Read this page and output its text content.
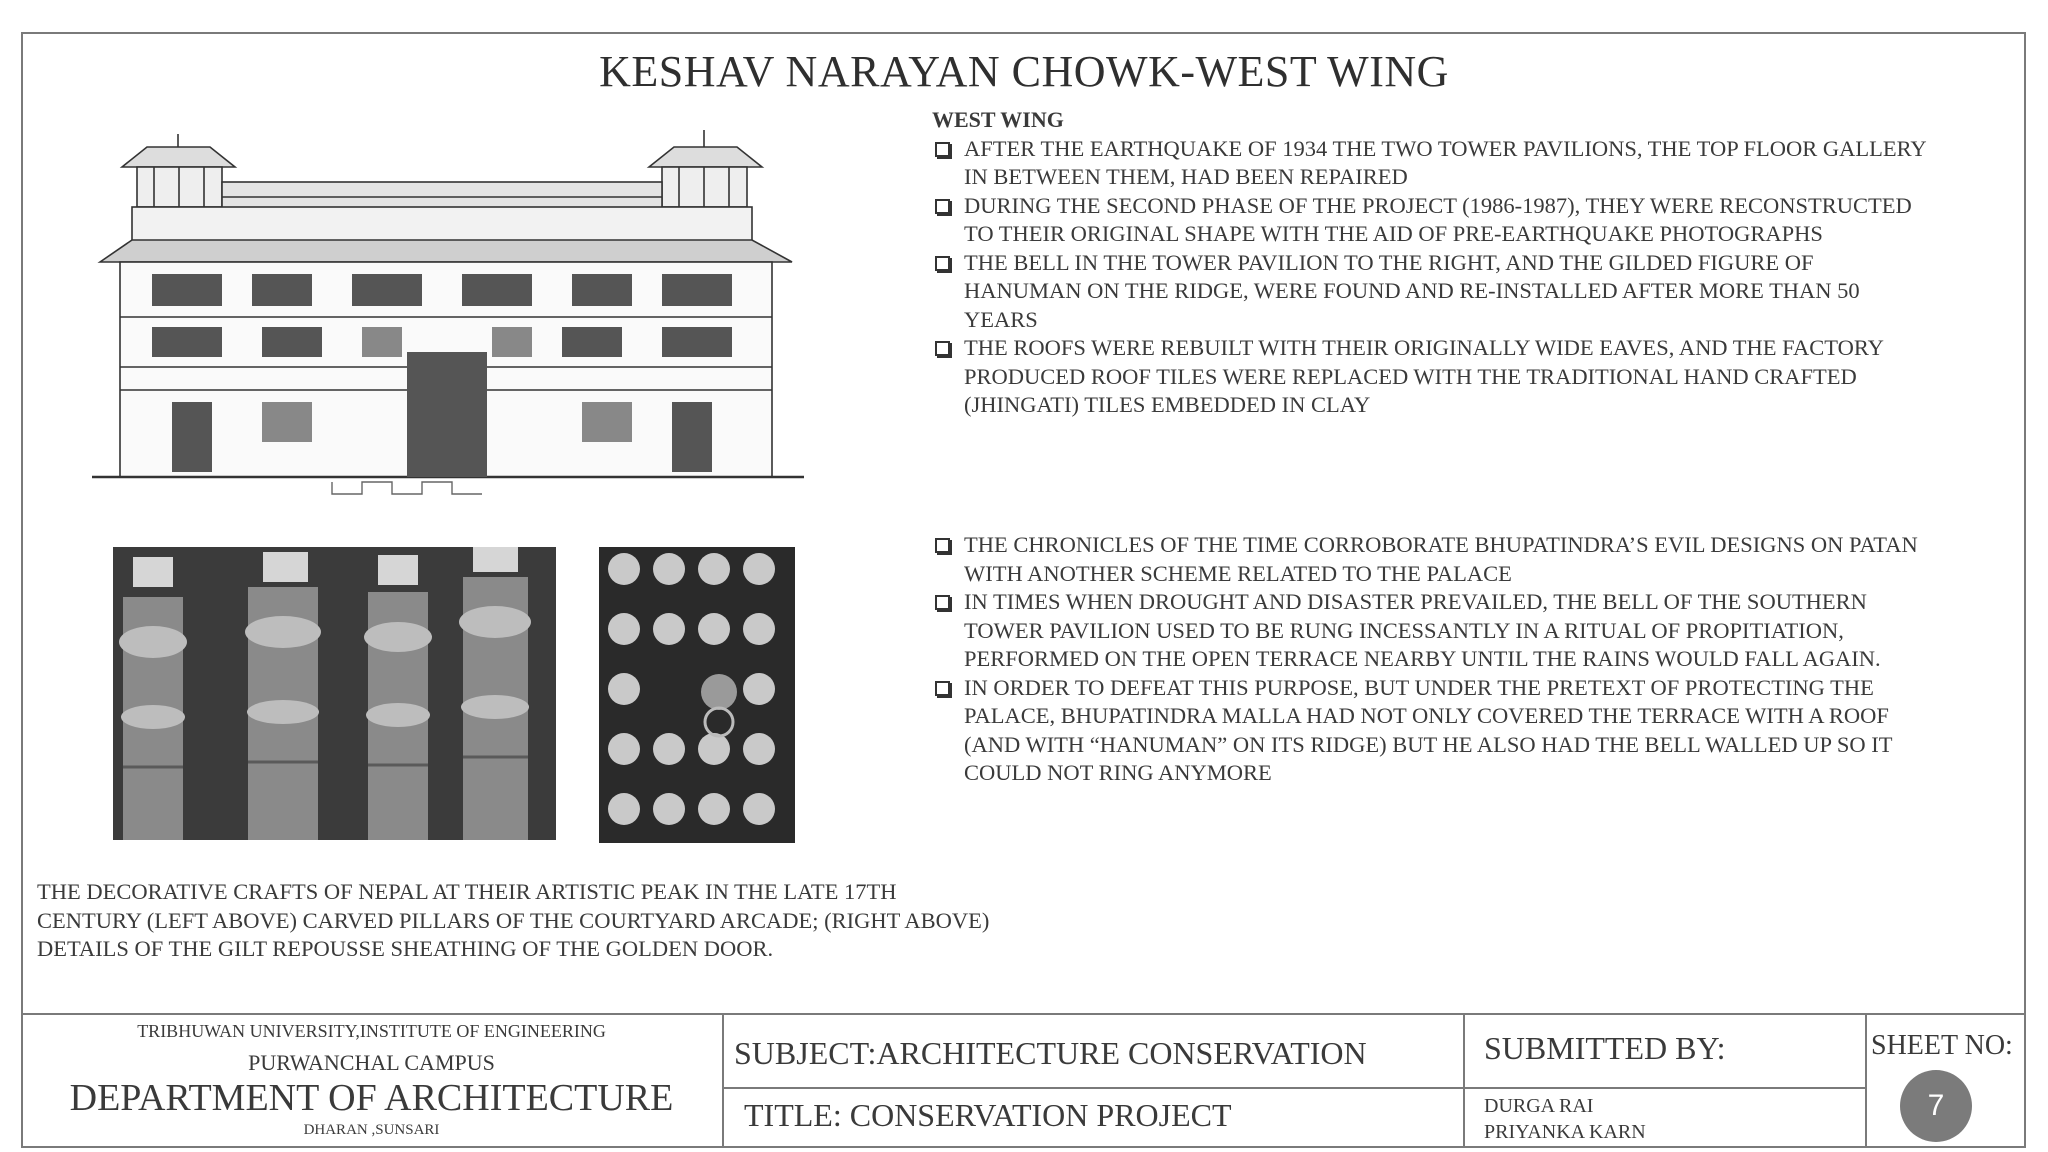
KESHAV NARAYAN CHOWK-WEST WING
WEST WING
AFTER THE EARTHQUAKE OF 1934 THE TWO TOWER PAVILIONS, THE TOP FLOOR GALLERY IN BETWEEN THEM, HAD BEEN REPAIRED
DURING THE SECOND PHASE OF THE PROJECT (1986-1987), THEY WERE RECONSTRUCTED TO THEIR ORIGINAL SHAPE WITH THE AID OF PRE-EARTHQUAKE PHOTOGRAPHS
THE BELL IN THE TOWER PAVILION TO THE RIGHT, AND THE GILDED FIGURE OF HANUMAN ON THE RIDGE, WERE FOUND AND RE-INSTALLED AFTER MORE THAN 50 YEARS
THE ROOFS WERE REBUILT WITH THEIR ORIGINALLY WIDE EAVES, AND THE FACTORY PRODUCED ROOF TILES WERE REPLACED WITH THE TRADITIONAL HAND CRAFTED (JHINGATI) TILES EMBEDDED IN CLAY
THE CHRONICLES OF THE TIME CORROBORATE BHUPATINDRA’S EVIL DESIGNS ON PATAN WITH ANOTHER SCHEME RELATED TO THE PALACE
IN TIMES WHEN DROUGHT AND DISASTER PREVAILED, THE BELL OF THE SOUTHERN TOWER PAVILION USED TO BE RUNG INCESSANTLY IN A RITUAL OF PROPITIATION, PERFORMED ON THE OPEN TERRACE NEARBY UNTIL THE RAINS WOULD FALL AGAIN.
IN ORDER TO DEFEAT THIS PURPOSE, BUT UNDER THE PRETEXT OF PROTECTING THE PALACE, BHUPATINDRA MALLA HAD NOT ONLY COVERED THE TERRACE WITH A ROOF (AND WITH “HANUMAN” ON ITS RIDGE) BUT HE ALSO HAD THE BELL WALLED UP SO IT COULD NOT RING ANYMORE
THE DECORATIVE CRAFTS OF NEPAL AT THEIR ARTISTIC PEAK IN THE LATE 17TH CENTURY (LEFT ABOVE) CARVED PILLARS OF THE COURTYARD ARCADE; (RIGHT ABOVE) DETAILS OF THE GILT REPOUSSE SHEATHING OF THE GOLDEN DOOR.
TRIBHUWAN UNIVERSITY,INSTITUTE OF ENGINEERING
PURWANCHAL CAMPUS
DEPARTMENT OF ARCHITECTURE
DHARAN ,SUNSARI
SUBJECT:ARCHITECTURE CONSERVATION
TITLE: CONSERVATION PROJECT
SUBMITTED BY:
DURGA RAI
PRIYANKA KARN
SHEET NO:
7
